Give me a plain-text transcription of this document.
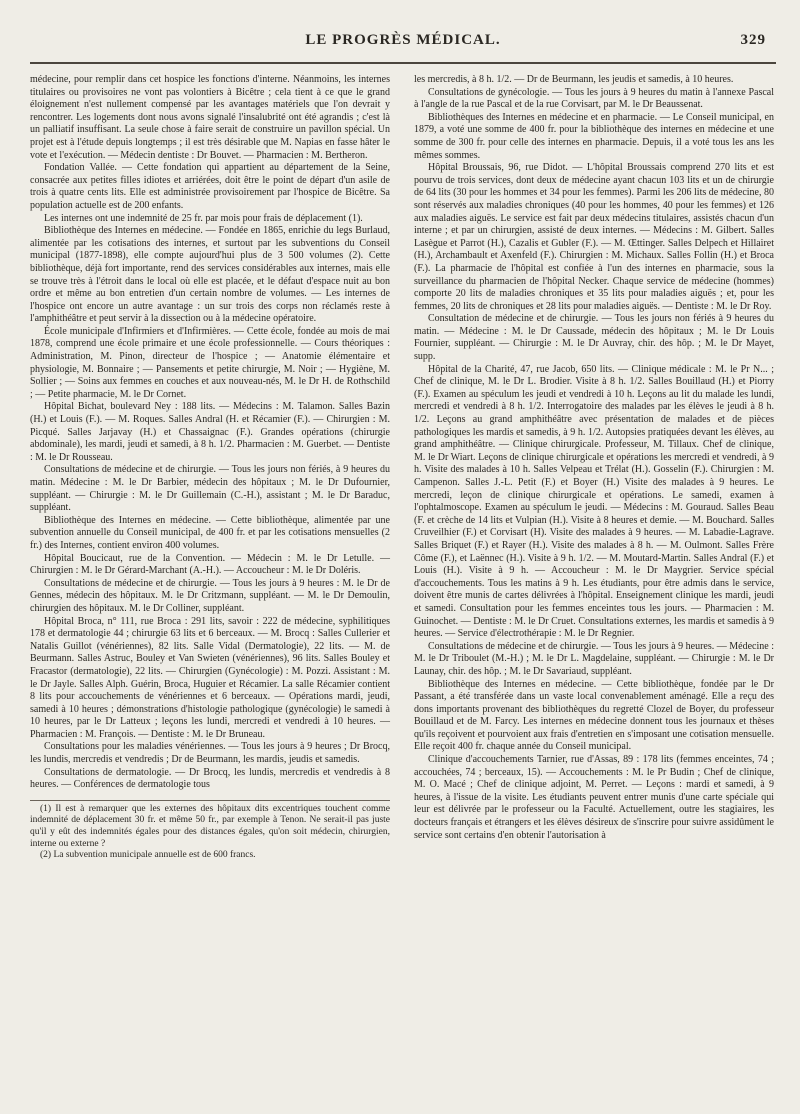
LE PROGRÈS MÉDICAL.	329

médecine, pour remplir dans cet hospice les fonctions d'interne. Néanmoins, les internes titulaires ou provisoires ne vont pas volontiers à Bicêtre ; cela tient à ce que le grand éloignement n'est nullement compensé par les avantages matériels que l'on devrait y rencontrer. Les logements dont nous avons signalé l'insalubrité ont été agrandis ; c'est là un palliatif insuffisant. La seule chose à faire serait de construire un pavillon spécial. Un projet est à l'étude depuis longtemps ; il est très désirable que M. Napias en fasse hâter le vote et l'exécution. — Médecin dentiste : Dr Bouvet. — Pharmacien : M. Bertheron.

Fondation Vallée. — Cette fondation qui appartient au département de la Seine, consacrée aux petites filles idiotes et arriérées, doit être le point de départ d'un asile de trois à quatre cents lits. Elle est administrée provisoirement par l'hospice de Bicêtre. Sa population actuelle est de 200 enfants.

Les internes ont une indemnité de 25 fr. par mois pour frais de déplacement (1).

Bibliothèque des Internes en médecine. — Fondée en 1865, enrichie du legs Burlaud, alimentée par les cotisations des internes, et surtout par les subventions du Conseil municipal (1877-1898), elle compte aujourd'hui plus de 3 500 volumes (2). Cette bibliothèque, déjà fort importante, rend des services considérables aux internes, mais elle se trouve très à l'étroit dans le local où elle est placée, et le défaut d'espace nuit au bon ordre et même au bon entretien d'un certain nombre de volumes. — Les internes de l'hospice ont encore un autre avantage : un sur trois des corps non réclamés reste à l'amphithéâtre et peut servir à la dissection ou à la médecine opératoire.

École municipale d'Infirmiers et d'Infirmières. — Cette école, fondée au mois de mai 1878, comprend une école primaire et une école professionnelle. — Cours théoriques : Administration, M. Pinon, directeur de l'hospice ; — Anatomie élémentaire et physiologie, M. Bonnaire ; — Pansements et petite chirurgie, M. Noir ; — Hygiène, M. Sollier ; — Soins aux femmes en couches et aux nouveau-nés, M. le Dr H. de Rothschild ; — Petite pharmacie, M. le Dr Cornet.

Hôpital Bichat, boulevard Ney : 188 lits. — Médecins : M. Talamon. Salles Bazin (H.) et Louis (F.). — M. Roques. Salles Andral (H. et Récamier (F.). — Chirurgien : M. Picqué. Salles Jarjavay (H.) et Chassaignac (F.). Grandes opérations (chirurgie abdominale), les mardi, jeudi et samedi, à 8 h. 1/2. Pharmacien : M. Guerbet. — Dentiste : M. le Dr Rousseau.

Consultations de médecine et de chirurgie. — Tous les jours non fériés, à 9 heures du matin. Médecine : M. le Dr Barbier, médecin des hôpitaux ; M. le Dr Dufournier, suppléant. — Chirurgie : M. le Dr Guillemain (C.-H.), assistant ; M. le Dr Baraduc, suppléant.

Bibliothèque des Internes en médecine. — Cette bibliothèque, alimentée par une subvention annuelle du Conseil municipal, de 400 fr. et par les cotisations mensuelles (2 fr.) des Internes, contient environ 400 volumes.

Hôpital Boucicaut, rue de la Convention. — Médecin : M. le Dr Letulle. — Chirurgien : M. le Dr Gérard-Marchant (A.-H.). — Accoucheur : M. le Dr Doléris.

Consultations de médecine et de chirurgie. — Tous les jours à 9 heures : M. le Dr de Gennes, médecin des hôpitaux. M. le Dr Critzmann, suppléant. — M. le Dr Demoulin, chirurgien des hôpitaux. M. le Dr Colliner, suppléant.

Hôpital Broca, n° 111, rue Broca : 291 lits, savoir : 222 de médecine, syphilitiques 178 et dermatologie 44 ; chirurgie 63 lits et 6 berceaux. — M. Brocq : Salles Cullerier et Natalis Guillot (vénériennes), 82 lits. Salle Vidal (Dermatologie), 22 lits. — M. de Beurmann. Salles Astruc, Bouley et Van Swieten (vénériennes), 96 lits. Salles Bouley et Fracastor (dermatologie), 22 lits. — Chirurgien (Gynécologie) : M. Pozzi. Assistant : M. le Dr Jayle. Salles Alph. Guérin, Broca, Huguier et Récamier. La salle Récamier contient 8 lits pour accouchements de vénériennes et 6 berceaux. — Opérations mardi, jeudi, samedi à 10 heures ; démonstrations d'histologie pathologique (gynécologie) le samedi à 10 heures, par le Dr Latteux ; leçons les lundi, mercredi et vendredi à 10 heures. — Pharmacien : M. François. — Dentiste : M. le Dr Bruneau.

Consultations pour les maladies vénériennes. — Tous les jours à 9 heures ; Dr Brocq, les lundis, mercredis et vendredis ; Dr de Beurmann, les mardis, jeudis et samedis.

Consultations de dermatologie. — Dr Brocq, les lundis, mercredis et vendredis à 8 heures. — Conférences de dermatologie tous

(1) Il est à remarquer que les externes des hôpitaux dits excentriques touchent comme indemnité de déplacement 30 fr. et même 50 fr., par exemple à Tenon. Ne serait-il pas juste qu'il y eût des indemnités égales pour des distances égales, qu'on soit médecin, chirurgien, interne ou externe ?

(2) La subvention municipale annuelle est de 600 francs.

les mercredis, à 8 h. 1/2. — Dr de Beurmann, les jeudis et samedis, à 10 heures.

Consultations de gynécologie. — Tous les jours à 9 heures du matin à l'annexe Pascal à l'angle de la rue Pascal et de la rue Corvisart, par M. le Dr Beaussenat.

Bibliothèques des Internes en médecine et en pharmacie. — Le Conseil municipal, en 1879, a voté une somme de 400 fr. pour la bibliothèque des internes en médecine et une somme de 300 fr. pour celle des internes en pharmacie. Depuis, il a voté tous les ans les mêmes sommes.

Hôpital Broussais, 96, rue Didot. — L'hôpital Broussais comprend 270 lits et est pourvu de trois services, dont deux de médecine ayant chacun 103 lits et un de chirurgie de 64 lits (30 pour les hommes et 34 pour les femmes). Parmi les 206 lits de médecine, 80 sont réservés aux maladies chroniques (40 pour les hommes, 40 pour les femmes) et 126 aux maladies aiguës. Le service est fait par deux médecins titulaires, assistés chacun d'un interne ; et par un chirurgien, assisté de deux internes. — Médecins : M. Gilbert. Salles Lasègue et Parrot (H.), Cazalis et Gubler (F.). — M. Œttinger. Salles Delpech et Hillairet (H.), Archambault et Axenfeld (F.). Chirurgien : M. Michaux. Salles Follin (H.) et Broca (F.). La pharmacie de l'hôpital est confiée à l'un des internes en pharmacie, sous la surveillance du pharmacien de l'hôpital Necker. Chaque service de médecine (hommes) comporte 20 lits de maladies chroniques et 35 lits pour maladies aiguës ; et, pour les femmes, 20 lits de chroniques et 28 lits pour maladies aiguës. — Dentiste : M. le Dr Roy.

Consultation de médecine et de chirurgie. — Tous les jours non fériés à 9 heures du matin. — Médecine : M. le Dr Caussade, médecin des hôpitaux ; M. le Dr Louis Fournier, suppléant. — Chirurgie : M. le Dr Auvray, chir. des hôp. ; M. le Dr Mayet, supp.

Hôpital de la Charité, 47, rue Jacob, 650 lits. — Clinique médicale : M. le Pr N... ; Chef de clinique, M. le Dr L. Brodier. Visite à 8 h. 1/2. Salles Bouillaud (H.) et Piorry (F.). Examen au spéculum les jeudi et vendredi à 10 h. Leçons au lit du malade les lundi, mercredi et vendredi à 8 h. 1/2. Interrogatoire des malades par les élèves le jeudi à 8 h. 1/2. Leçons au grand amphithéâtre avec présentation de malades et de pièces pathologiques les mardis et samedis, à 9 h. 1/2. Autopsies pratiquées devant les élèves, au grand amphithéâtre. — Clinique chirurgicale. Professeur, M. Tillaux. Chef de clinique, M. le Dr Wiart. Leçons de clinique chirurgicale et opérations les mercredi et vendredi, à 9 h. Visite des malades à 10 h. Salles Velpeau et Trélat (H.). Gosselin (F.). Chirurgien : M. Campenon. Salles J.-L. Petit (F.) et Boyer (H.) Visite des malades à 9 heures. Le mercredi, leçon de clinique chirurgicale et opérations. Le samedi, examen à l'ophtalmoscope. Examen au spéculum le jeudi. — Médecins : M. Gouraud. Salles Beau (F. et crèche de 14 lits et Vulpian (H.). Visite à 8 heures et demie. — M. Bouchard. Salles Cruveilhier (F.) et Corvisart (H). Visite des malades à 9 heures. — M. Labadie-Lagrave. Salles Briquet (F.) et Rayer (H.). Visite des malades à 8 h. — M. Oulmont. Salles Frère Côme (F.), et Laënnec (H.). Visite à 9 h. 1/2. — M. Moutard-Martin. Salles Andral (F.) et Louis (H.). Visite à 9 h. — Accoucheur : M. le Dr Maygrier. Service spécial d'accouchements. Tous les matins à 9 h. Les étudiants, pour être admis dans le service, doivent être munis de cartes délivrées à l'hôpital. Enseignement clinique les mardi, jeudi et samedi. Consultation pour les femmes enceintes tous les jours. — Pharmacien : M. Guinochet. — Dentiste : M. le Dr Cruet. Consultations externes, les mardis et samedis à 9 heures. — Service d'électrothérapie : M. le Dr Regnier.

Consultations de médecine et de chirurgie. — Tous les jours à 9 heures. — Médecine : M. le Dr Triboulet (M.-H.) ; M. le Dr L. Magdelaine, suppléant. — Chirurgie : M. le Dr Launay, chir. des hôp. ; M. le Dr Savariaud, suppléant.

Bibliothèque des Internes en médecine. — Cette bibliothèque, fondée par le Dr Passant, a été transférée dans un vaste local convenablement aménagé. Elle a reçu des dons importants provenant des bibliothèques du regretté Clozel de Boyer, du professeur Bouillaud et de M. Farcy. Les internes en médecine donnent tous les journaux et thèses qu'ils reçoivent et pourvoient aux frais d'entretien en s'imposant une cotisation mensuelle. Elle reçoit 400 fr. chaque année du Conseil municipal.

Clinique d'accouchements Tarnier, rue d'Assas, 89 : 178 lits (femmes enceintes, 74 ; accouchées, 74 ; berceaux, 15). — Accouchements : M. le Pr Budin ; Chef de clinique, M. O. Macé ; Chef de clinique adjoint, M. Perret. — Leçons : mardi et samedi, à 9 heures, à l'issue de la visite. Les étudiants peuvent entrer munis d'une carte spéciale qui leur est délivrée par le professeur ou la Faculté. Actuellement, outre les stagiaires, les docteurs français et étrangers et les élèves désireux de s'inscrire pour suivre assidûment le service sont certains d'en obtenir l'autorisation à
